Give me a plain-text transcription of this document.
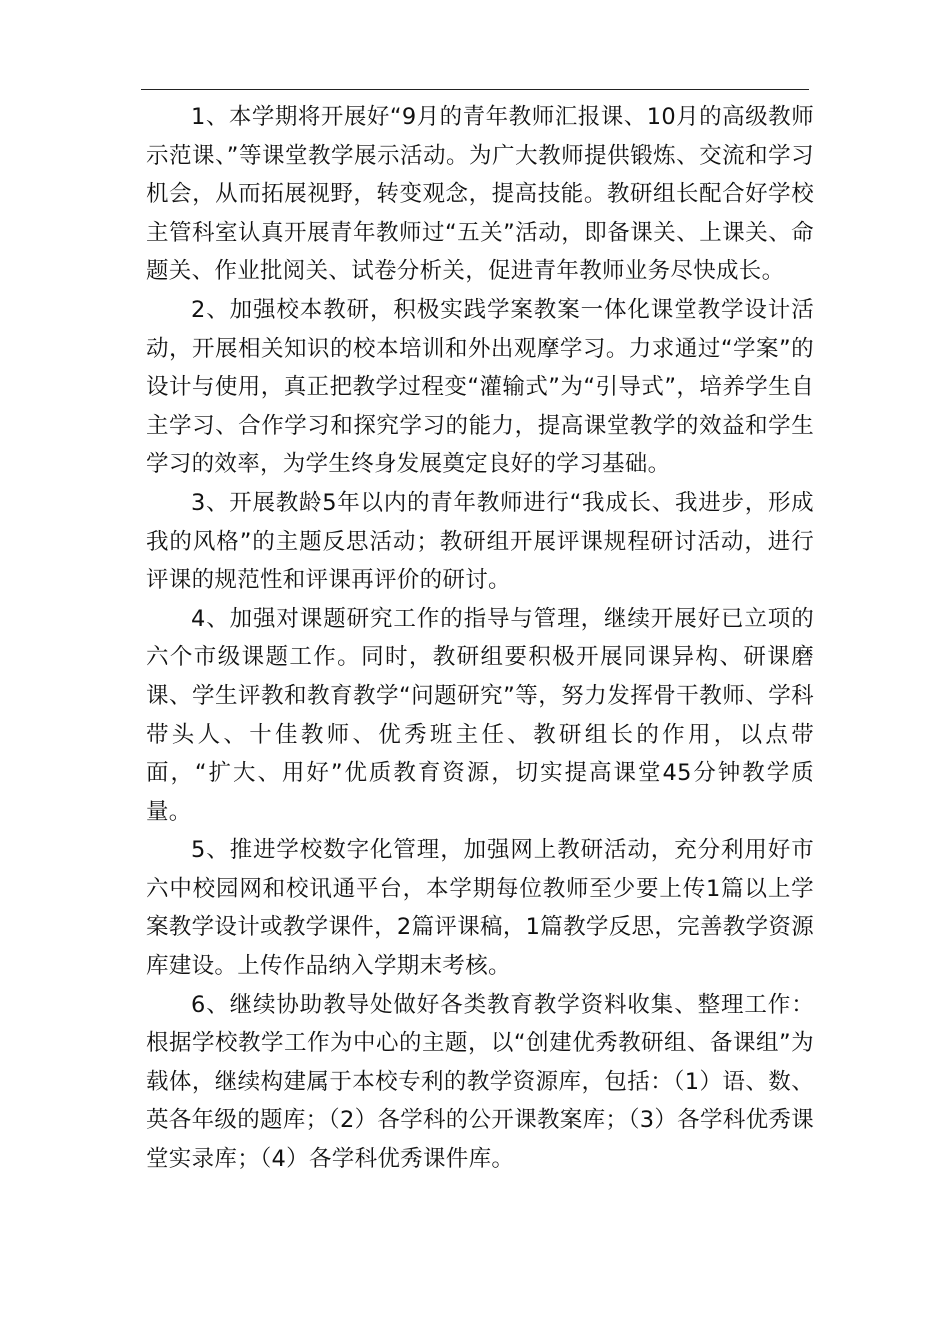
1、本学期将开展好“9月的青年教师汇报课、10月的高级教师示范课、”等课堂教学展示活动。为广大教师提供锻炼、交流和学习机会，从而拓展视野，转变观念，提高技能。教研组长配合好学校主管科室认真开展青年教师过“五关”活动，即备课关、上课关、命题关、作业批阅关、试卷分析关，促进青年教师业务尽快成长。

2、加强校本教研，积极实践学案教案一体化课堂教学设计活动，开展相关知识的校本培训和外出观摩学习。力求通过“学案”的设计与使用，真正把教学过程变“灌输式”为“引导式”，培养学生自主学习、合作学习和探究学习的能力，提高课堂教学的效益和学生学习的效率，为学生终身发展奠定良好的学习基础。

3、开展教龄5年以内的青年教师进行“我成长、我进步，形成我的风格”的主题反思活动；教研组开展评课规程研讨活动，进行评课的规范性和评课再评价的研讨。

4、加强对课题研究工作的指导与管理，继续开展好已立项的六个市级课题工作。同时，教研组要积极开展同课异构、研课磨课、学生评教和教育教学“问题研究”等，努力发挥骨干教师、学科带头人、十佳教师、优秀班主任、教研组长的作用，以点带面，“扩大、用好”优质教育资源，切实提高课堂45分钟教学质量。

5、推进学校数字化管理，加强网上教研活动，充分利用好市六中校园网和校讯通平台，本学期每位教师至少要上传1篇以上学案教学设计或教学课件，2篇评课稿，1篇教学反思，完善教学资源库建设。上传作品纳入学期末考核。

6、继续协助教导处做好各类教育教学资料收集、整理工作：根据学校教学工作为中心的主题，以“创建优秀教研组、备课组”为载体，继续构建属于本校专利的教学资源库，包括：（1）语、数、英各年级的题库；（2）各学科的公开课教案库；（3）各学科优秀课堂实录库；（4）各学科优秀课件库。
